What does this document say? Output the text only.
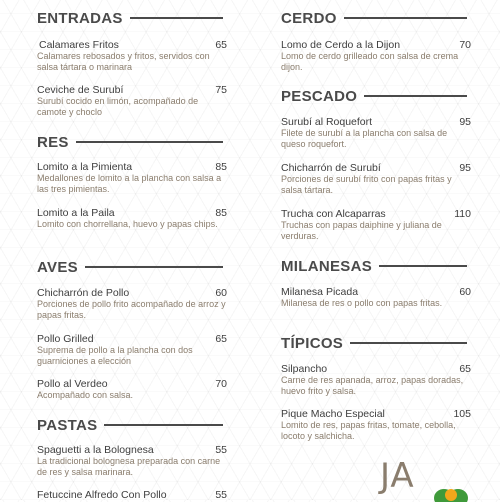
ENTRADAS
Calamares Fritos	65
Calamares rebosados y fritos, servidos con salsa tártara o marinara
Ceviche de Surubí	75
Surubí cocido en limón, acompañado de camote y choclo
RES
Lomito a la Pimienta	85
Medallones de lomito a la plancha con salsa a las tres pimientas.
Lomito a la Paila	85
Lomito con chorrellana, huevo y papas chips.
AVES
Chicharrón de Pollo	60
Porciones de pollo frito acompañado de arroz y papas fritas.
Pollo Grilled	65
Suprema de pollo a la plancha con dos guarniciones a elección
Pollo al Verdeo	70
Acompañado con salsa.
PASTAS
Spaguetti a la Bolognesa	55
La tradicional bolognesa preparada con carne de res y salsa marinara.
Fetuccine Alfredo Con Pollo	55
CERDO
Lomo de Cerdo a la Dijon	70
Lomo de cerdo grilleado con salsa de crema dijon.
PESCADO
Surubí al Roquefort	95
Filete de surubí a la plancha con salsa de queso roquefort.
Chicharrón de Surubí	95
Porciones de surubí frito con papas fritas y salsa tártara.
Trucha con Alcaparras	110
Truchas con papas daiphine y juliana de verduras.
MILANESAS
Milanesa Picada	60
Milanesa de res o pollo con papas fritas.
TÍPICOS
Silpancho	65
Carne de res apanada, arroz, papas doradas, huevo frito y salsa.
Pique Macho Especial	105
Lomito de res, papas fritas, tomate, cebolla, locoto y salchicha.
JA
